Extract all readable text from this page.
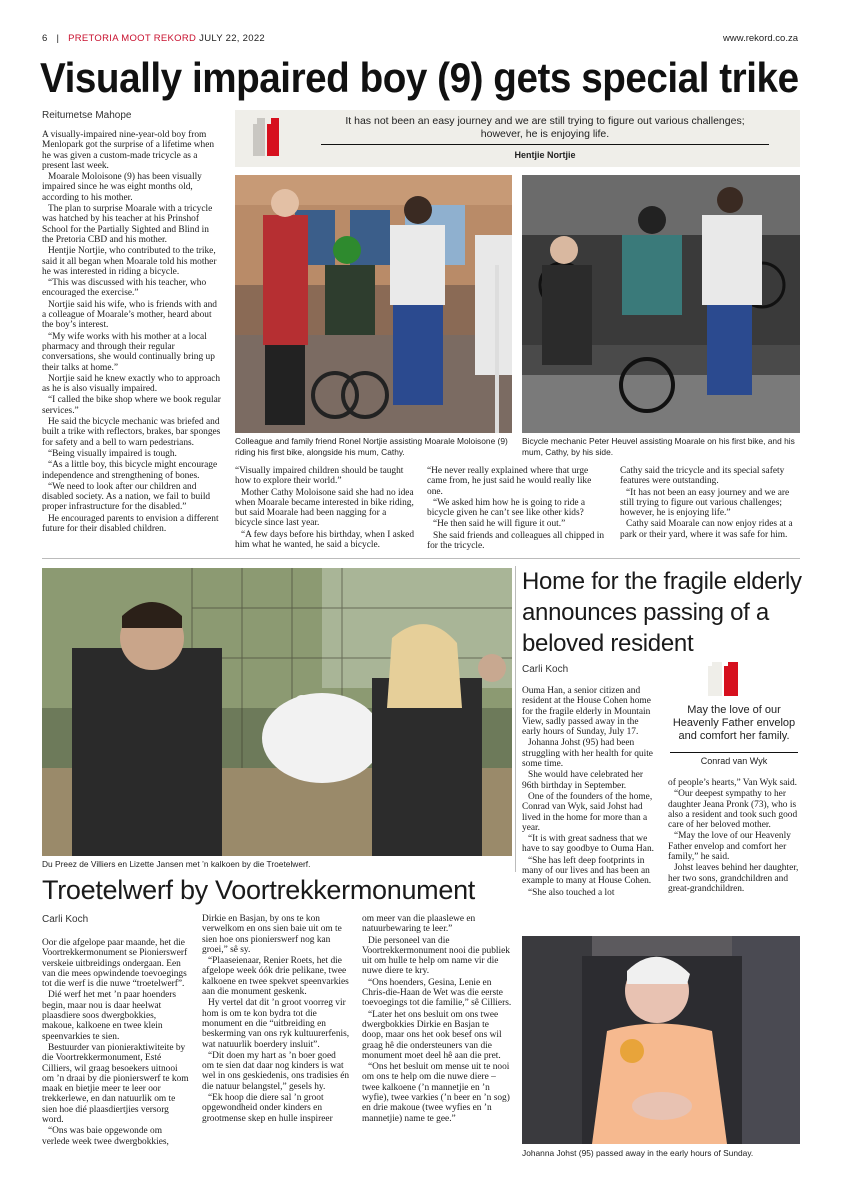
6 | PRETORIA MOOT REKORD JULY 22, 2022	www.rekord.co.za
Visually impaired boy (9) gets special trike
Reitumetse Mahope	It has not been an easy journey and we are still trying to figure out various challenges; however, he is enjoying life.
Hentjie Nortjie

A visually-impaired nine-year-old boy from Menlopark got the surprise of a lifetime when he was given a custom-made tricycle as a present last week.

Moarale Moloisone (9) has been visually impaired since he was eight months old, according to his mother.

The plan to surprise Moarale with a tricycle was hatched by his teacher at his Prinshof School for the Partially Sighted and Blind in the Pretoria CBD and his mother.

Hentjie Nortjie, who contributed to the trike, said it all began when Moarale told his mother he was interested in riding a bicycle.

“This was discussed with his teacher, who encouraged the exercise.”

Nortjie said his wife, who is friends with and a colleague of Moarale’s mother, heard about the boy’s interest.

“My wife works with his mother at a local pharmacy and through their regular conversations, she would continually bring up their talks at home.”

Nortjie said he knew exactly who to approach as he is also visually impaired.

“I called the bike shop where we book regular services.”

He said the bicycle mechanic was briefed and built a trike with reflectors, brakes, bar sponges for safety and a bell to warn pedestrians.

“Being visually impaired is tough.

“As a little boy, this bicycle might encourage independence and strengthening of bones.

“We need to look after our children and disabled society. As a nation, we fail to build proper infrastructure for the disabled.”

He encouraged parents to envision a different future for their disabled children.

Colleague and family friend Ronel Nortjie assisting Moarale Moloisone (9) riding his first bike, alongside his mum, Cathy.
Bicycle mechanic Peter Heuvel assisting Moarale on his first bike, and his mum, Cathy, by his side.

“Visually impaired children should be taught how to explore their world.”

Mother Cathy Moloisone said she had no idea when Moarale became interested in bike riding, but said Moarale had been nagging for a bicycle since last year.

“A few days before his birthday, when I asked him what he wanted, he said a bicycle.

“He never really explained where that urge came from, he just said he would really like one.

“We asked him how he is going to ride a bicycle given he can’t see like other kids?

“He then said he will figure it out.”

She said friends and colleagues all chipped in for the tricycle.

Cathy said the tricycle and its special safety features were outstanding.

“It has not been an easy journey and we are still trying to figure out various challenges; however, he is enjoying life.”

Cathy said Moarale can now enjoy rides at a park or their yard, where it was safe for him.

Du Preez de Villiers en Lizette Jansen met ’n kalkoen by die Troetelwerf.
Troetelwerf by Voortrekkermonument
Carli Koch

Oor die afgelope paar maande, het die Voortrekkermonument se Pionierswerf verskeie uitbreidings ondergaan. Een van die mees opwindende toevoegings tot die werf is die nuwe “troetelwerf”.

Dié werf het met ’n paar hoenders begin, maar nou is daar heelwat plaasdiere soos dwergbokkies, makoue, kalkoene en twee klein speenvarkies te sien.

Bestuurder van pionieraktiwiteite by die Voortrekkermonument, Esté Cilliers, wil graag besoekers uitnooi om ’n draai by die pionierswerf te kom maak en bietjie meer te leer oor trekkerlewe, en dan natuurlik om te sien hoe dié plaasdiertjies versorg word.

“Ons was baie opgewonde om verlede week twee dwergbokkies,

Dirkie en Basjan, by ons te kon verwelkom en ons sien baie uit om te sien hoe ons pionierswerf nog kan groei,” sê sy.

“Plaaseienaar, Renier Roets, het die afgelope week óók drie pelikane, twee kalkoene en twee spekvet speenvarkies aan die monument geskenk.

Hy vertel dat dit ’n groot voorreg vir hom is om te kon bydra tot die monument en die “uitbreiding en beskerming van ons ryk kultuurerfenis, wat natuurlik boerdery insluit”.

“Dit doen my hart as ’n boer goed om te sien dat daar nog kinders is wat wel in ons geskiedenis, ons tradisies én die natuur belangstel,” gesels hy.

“Ek hoop die diere sal ’n groot opgewondheid onder kinders en grootmense skep en hulle inspireer

om meer van die plaaslewe en natuurbewaring te leer.”

Die personeel van die Voortrekkermonument nooi die publiek uit om hulle te help om name vir die nuwe diere te kry.

“Ons hoenders, Gesina, Lenie en Chris-die-Haan de Wet was die eerste toevoegings tot die familie,” sê Cilliers.

“Later het ons besluit om ons twee dwergbokkies Dirkie en Basjan te doop, maar ons het ook besef ons wil graag hê die ondersteuners van die monument moet deel hê aan die pret.

“Ons het besluit om mense uit te nooi om ons te help om die nuwe diere – twee kalkoene (’n mannetjie en ’n wyfie), twee varkies (’n beer en ’n sog) en drie makoue (twee wyfies en ’n mannetjie) name te gee.”

Home for the fragile elderly announces passing of a beloved resident
Carli Koch
May the love of our Heavenly Father envelop and comfort her family.
Conrad van Wyk

Ouma Han, a senior citizen and resident at the House Cohen home for the fragile elderly in Mountain View, sadly passed away in the early hours of Sunday, July 17.

Johanna Johst (95) had been struggling with her health for quite some time.

She would have celebrated her 96th birthday in September.

One of the founders of the home, Conrad van Wyk, said Johst had lived in the home for more than a year.

“It is with great sadness that we have to say goodbye to Ouma Han.

“She has left deep footprints in many of our lives and has been an example to many at House Cohen.

“She also touched a lot

of people’s hearts,” Van Wyk said.

“Our deepest sympathy to her daughter Jeana Pronk (73), who is also a resident and took such good care of her beloved mother.

“May the love of our Heavenly Father envelop and comfort her family,” he said.

Johst leaves behind her daughter, her two sons, grandchildren and great-grandchildren.

Johanna Johst (95) passed away in the early hours of Sunday.
